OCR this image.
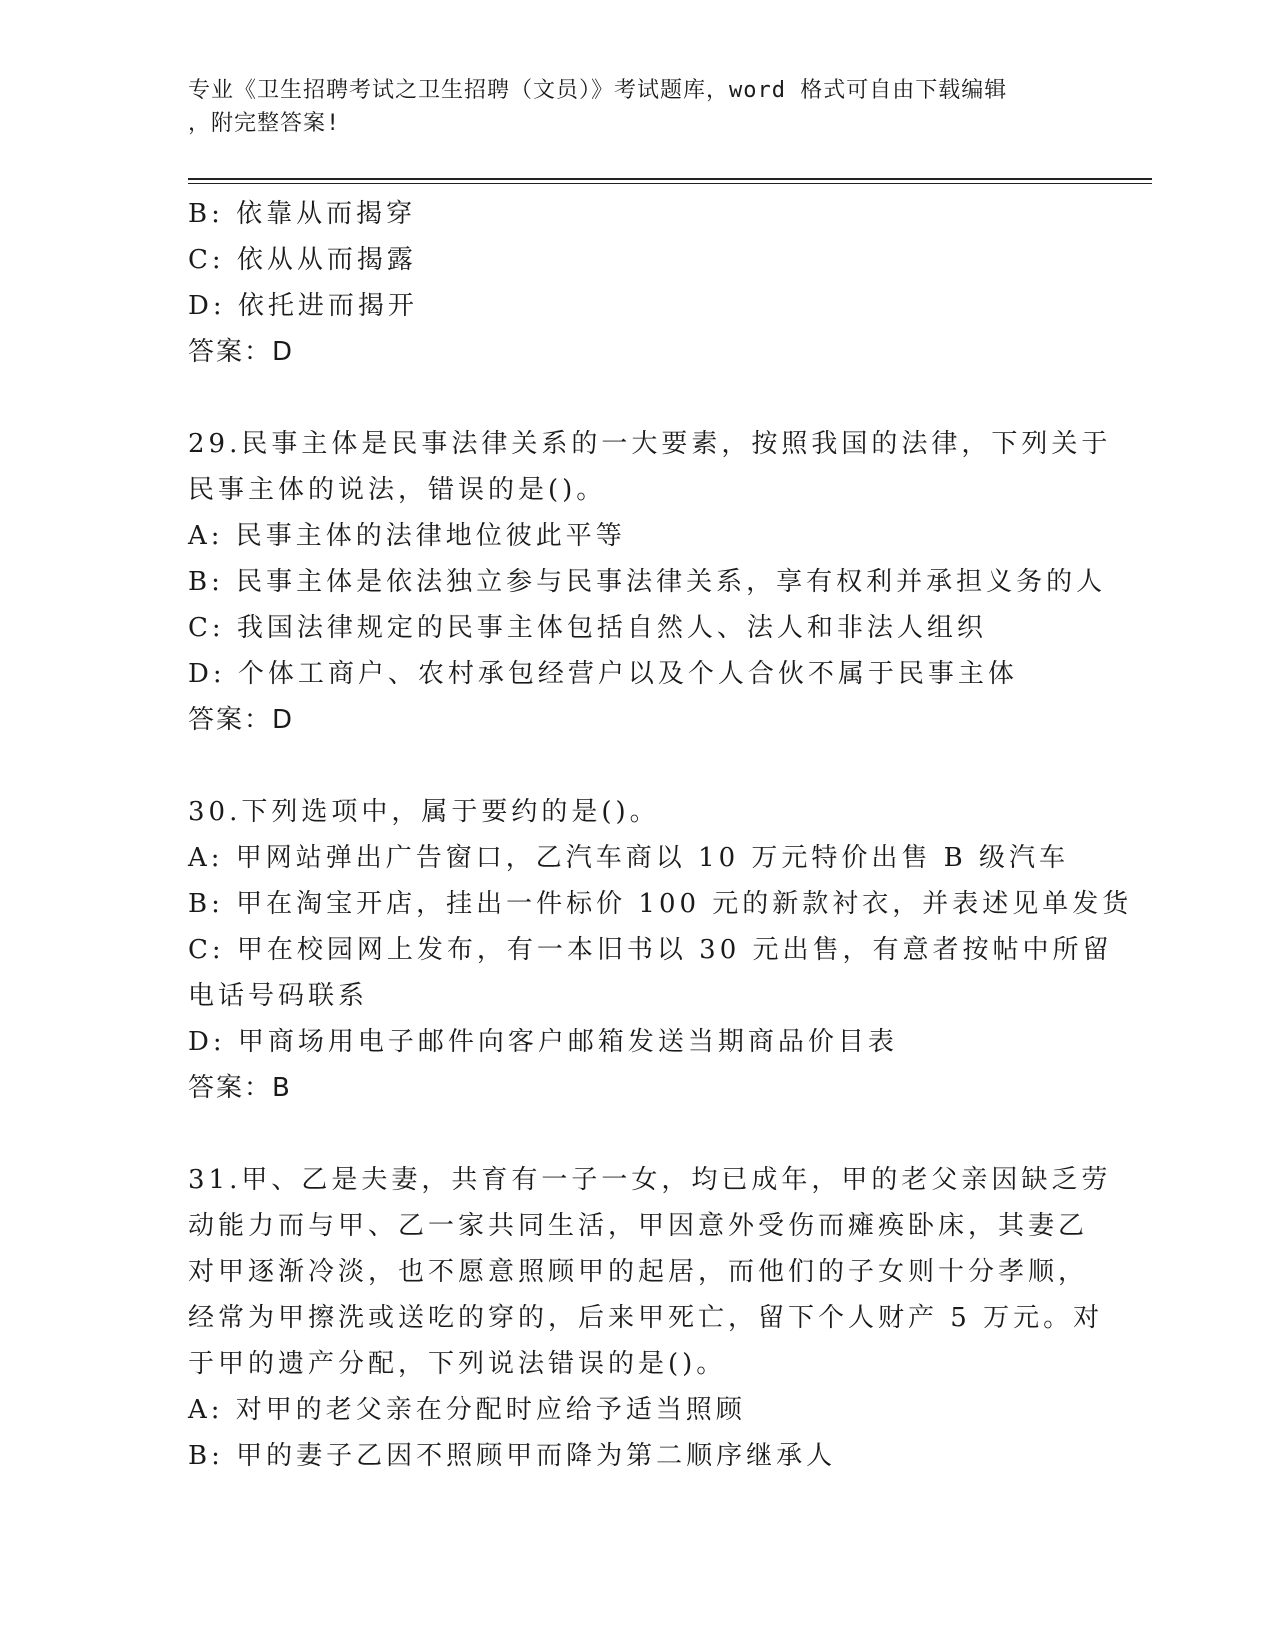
专业《卫生招聘考试之卫生招聘（文员）》考试题库，word 格式可自由下载编辑
，附完整答案!

B: 依靠从而揭穿

C: 依从从而揭露

D: 依托进而揭开

答案：D

29.民事主体是民事法律关系的一大要素，按照我国的法律，下列关于

民事主体的说法，错误的是()。

A: 民事主体的法律地位彼此平等

B: 民事主体是依法独立参与民事法律关系，享有权利并承担义务的人

C: 我国法律规定的民事主体包括自然人、法人和非法人组织

D: 个体工商户、农村承包经营户以及个人合伙不属于民事主体

答案：D

30.下列选项中，属于要约的是()。

A: 甲网站弹出广告窗口，乙汽车商以 10 万元特价出售 B 级汽车

B: 甲在淘宝开店，挂出一件标价 100 元的新款衬衣，并表述见单发货

C: 甲在校园网上发布，有一本旧书以 30 元出售，有意者按帖中所留

电话号码联系

D: 甲商场用电子邮件向客户邮箱发送当期商品价目表

答案：B

31.甲、乙是夫妻，共育有一子一女，均已成年，甲的老父亲因缺乏劳

动能力而与甲、乙一家共同生活，甲因意外受伤而瘫痪卧床，其妻乙

对甲逐渐冷淡，也不愿意照顾甲的起居，而他们的子女则十分孝顺，

经常为甲擦洗或送吃的穿的，后来甲死亡，留下个人财产 5 万元。对

于甲的遗产分配，下列说法错误的是()。

A: 对甲的老父亲在分配时应给予适当照顾

B: 甲的妻子乙因不照顾甲而降为第二顺序继承人
